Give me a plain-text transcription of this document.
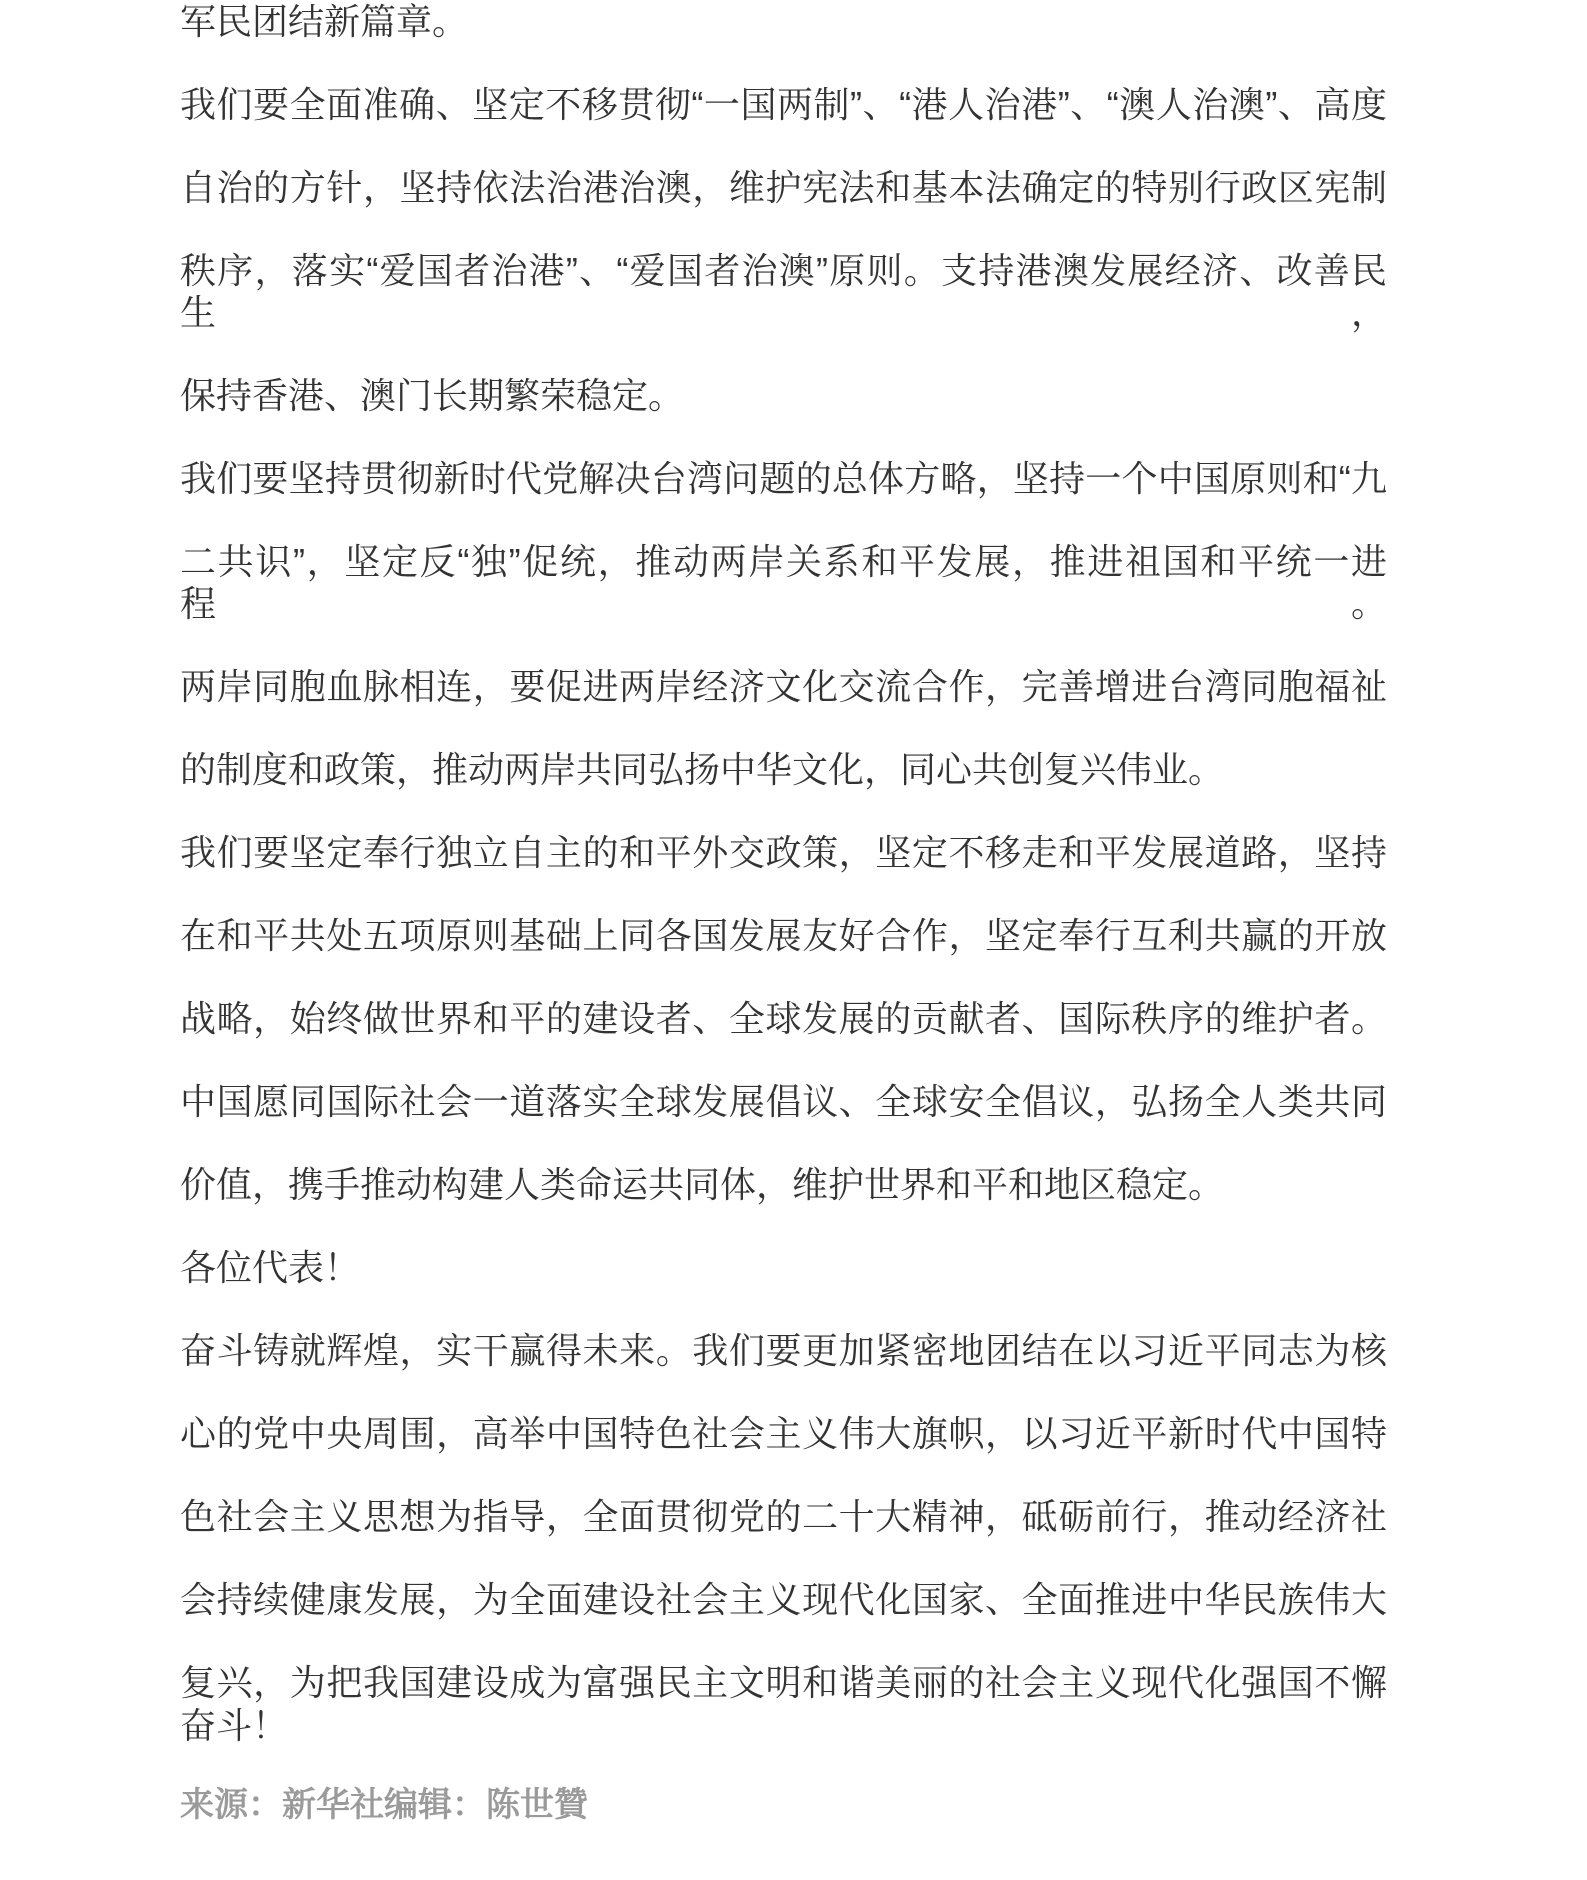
军民团结新篇章。
我们要全面准确、坚定不移贯彻“一国两制”、“港人治港”、“澳人治澳”、高度
自治的方针，坚持依法治港治澳，维护宪法和基本法确定的特别行政区宪制
秩序，落实“爱国者治港”、“爱国者治澳”原则。支持港澳发展经济、改善民生，
保持香港、澳门长期繁荣稳定。
我们要坚持贯彻新时代党解决台湾问题的总体方略，坚持一个中国原则和“九
二共识”，坚定反“独”促统，推动两岸关系和平发展，推进祖国和平统一进程。
两岸同胞血脉相连，要促进两岸经济文化交流合作，完善增进台湾同胞福祉
的制度和政策，推动两岸共同弘扬中华文化，同心共创复兴伟业。
我们要坚定奉行独立自主的和平外交政策，坚定不移走和平发展道路，坚持
在和平共处五项原则基础上同各国发展友好合作，坚定奉行互利共赢的开放
战略，始终做世界和平的建设者、全球发展的贡献者、国际秩序的维护者。
中国愿同国际社会一道落实全球发展倡议、全球安全倡议，弘扬全人类共同
价值，携手推动构建人类命运共同体，维护世界和平和地区稳定。
各位代表！
奋斗铸就辉煌，实干赢得未来。我们要更加紧密地团结在以习近平同志为核
心的党中央周围，高举中国特色社会主义伟大旗帜，以习近平新时代中国特
色社会主义思想为指导，全面贯彻党的二十大精神，砥砺前行，推动经济社
会持续健康发展，为全面建设社会主义现代化国家、全面推进中华民族伟大
复兴，为把我国建设成为富强民主文明和谐美丽的社会主义现代化强国不懈
奋斗！
来源：新华社编辑：陈世贊
